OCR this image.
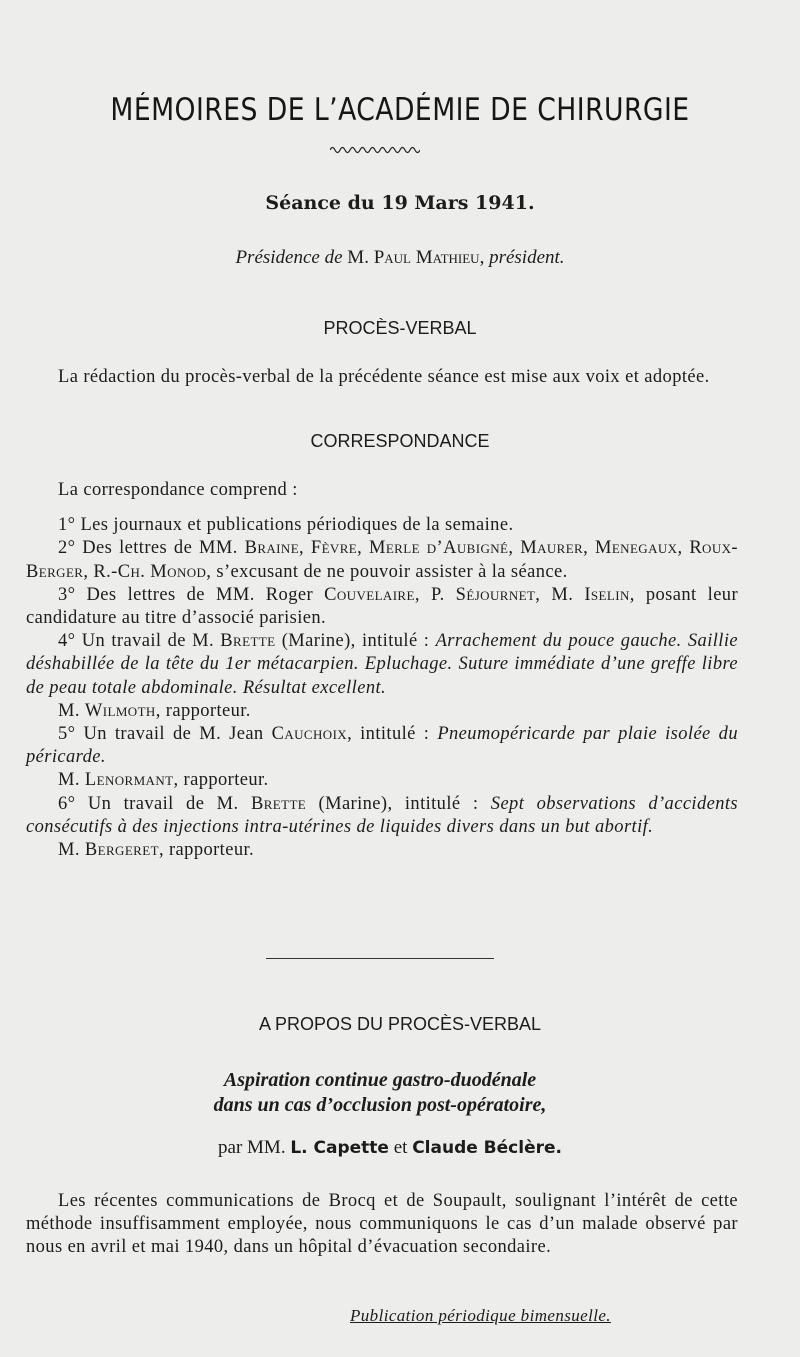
MÉMOIRES DE L’ACADÉMIE DE CHIRURGIE
Séance du 19 Mars 1941.
Présidence de M. Paul Mathieu, président.
PROCÈS-VERBAL
La rédaction du procès-verbal de la précédente séance est mise aux voix et adoptée.
CORRESPONDANCE

La correspondance comprend :

1° Les journaux et publications périodiques de la semaine.

2° Des lettres de MM. Braine, Fèvre, Merle d’Aubigné, Maurer, Menegaux, Roux-Berger, R.-Ch. Monod, s’excusant de ne pouvoir assister à la séance.

3° Des lettres de MM. Roger Couvelaire, P. Séjournet, M. Iselin, posant leur candidature au titre d’associé parisien.

4° Un travail de M. Brette (Marine), intitulé : Arrachement du pouce gauche. Saillie déshabillée de la tête du 1er métacarpien. Epluchage. Suture immédiate d’une greffe libre de peau totale abdominale. Résultat excellent.

M. Wilmoth, rapporteur.

5° Un travail de M. Jean Cauchoix, intitulé : Pneumopéricarde par plaie isolée du péricarde.

M. Lenormant, rapporteur.

6° Un travail de M. Brette (Marine), intitulé : Sept observations d’accidents consécutifs à des injections intra-utérines de liquides divers dans un but abortif.

M. Bergeret, rapporteur.

A PROPOS DU PROCÈS-VERBAL
Aspiration continue gastro-duodénale
dans un cas d’occlusion post-opératoire,
par MM. L. Capette et Claude Béclère.
Les récentes communications de Brocq et de Soupault, soulignant l’intérêt de cette méthode insuffisamment employée, nous communiquons le cas d’un malade observé par nous en avril et mai 1940, dans un hôpital d’évacuation secondaire.
Publication périodique bimensuelle.
